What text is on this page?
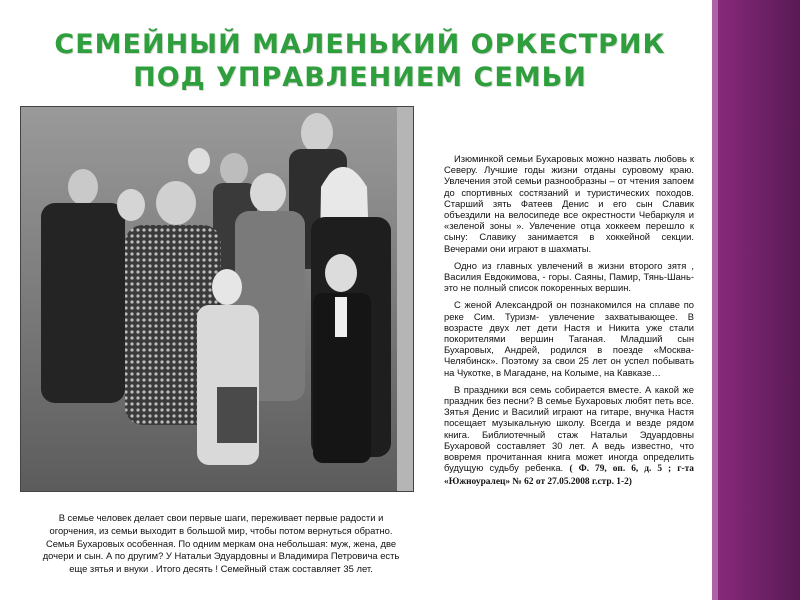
СЕМЕЙНЫЙ МАЛЕНЬКИЙ ОРКЕСТРИК ПОД УПРАВЛЕНИЕМ СЕМЬИ

Изюминкой семьи Бухаровых можно назвать любовь к Северу. Лучшие годы жизни отданы суровому краю. Увлечения этой семьи разнообразны – от чтения запоем до спортивных состязаний и туристических походов. Старший зять Фатеев Денис и его сын Славик объездили на велосипеде все окрестности Чебаркуля и «зеленой зоны ». Увлечение отца хоккеем перешло к сыну: Славику занимается в хоккейной секции. Вечерами они играют в шахматы.

Одно из главных увлечений в жизни второго зятя , Василия Евдокимова, - горы. Саяны, Памир, Тянь-Шань- это не полный список покоренных вершин.

С женой Александрой он познакомился на сплаве по реке Сим. Туризм- увлечение захватывающее. В возрасте двух лет дети Настя и Никита уже стали покорителями вершин Таганая. Младший сын Бухаровых, Андрей, родился в поезде «Москва- Челябинск». Поэтому за свои 25 лет он успел побывать на Чукотке, в Магадане, на Колыме, на Кавказе…

В праздники вся семь собирается вместе. А какой же праздник без песни? В семье Бухаровых любят петь все. Зятья Денис и Василий играют на гитаре, внучка Настя посещает музыкальную школу. Всегда и везде рядом книга. Библиотечный стаж Натальи Эдуардовны Бухаровой составляет 30 лет. А ведь известно, что вовремя прочитанная книга может иногда определить будущую судьбу ребенка. ( Ф. 79, оп. 6, д. 5 ; г-та «Южноуралец» № 62 от 27.05.2008 г.стр. 1-2)

В семье человек делает свои первые шаги, переживает первые радости и огорчения, из семьи выходит в большой мир, чтобы потом вернуться обратно. Семья Бухаровых особенная. По одним меркам она небольшая: муж, жена, две дочери и сын. А по другим? У Натальи Эдуардовны и Владимира Петровича есть еще зятья и внуки . Итого десять ! Семейный стаж составляет 35 лет.
